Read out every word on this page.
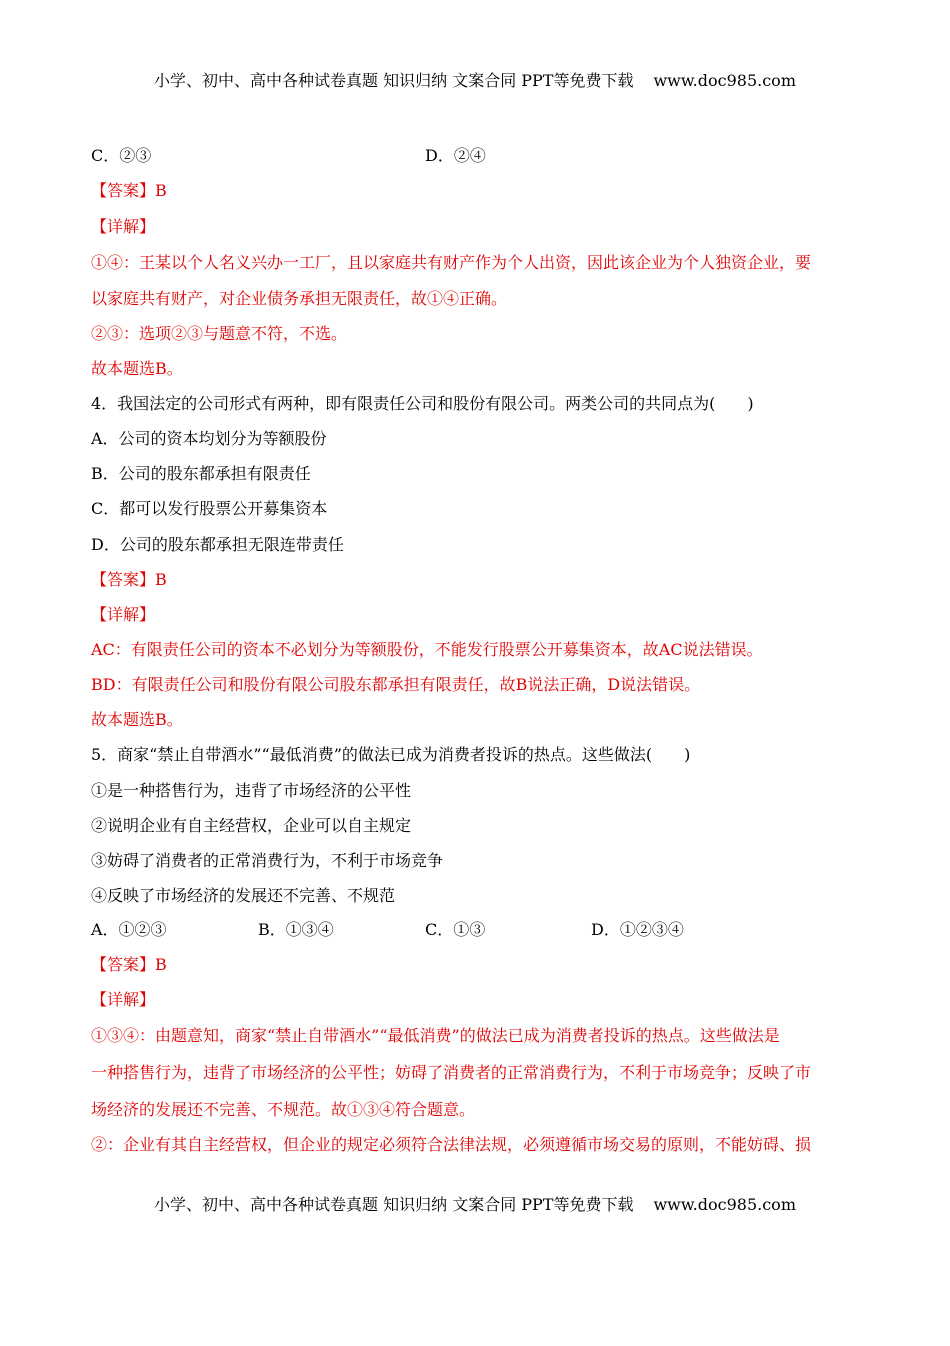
小学、初中、高中各种试卷真题 知识归纳 文案合同 PPT等免费下载 www.doc985.com
C．②③	D．②④
【答案】B
【详解】
①④：王某以个人名义兴办一工厂，且以家庭共有财产作为个人出资，因此该企业为个人独资企业，要
以家庭共有财产，对企业债务承担无限责任，故①④正确。
②③：选项②③与题意不符，不选。
故本题选B。
4．我国法定的公司形式有两种，即有限责任公司和股份有限公司。两类公司的共同点为(　　)
A．公司的资本均划分为等额股份
B．公司的股东都承担有限责任
C．都可以发行股票公开募集资本
D．公司的股东都承担无限连带责任
【答案】B
【详解】
AC：有限责任公司的资本不必划分为等额股份，不能发行股票公开募集资本，故AC说法错误。
BD：有限责任公司和股份有限公司股东都承担有限责任，故B说法正确，D说法错误。
故本题选B。
5．商家“禁止自带酒水”“最低消费”的做法已成为消费者投诉的热点。这些做法(　　)
①是一种搭售行为，违背了市场经济的公平性
②说明企业有自主经营权，企业可以自主规定
③妨碍了消费者的正常消费行为，不利于市场竞争
④反映了市场经济的发展还不完善、不规范
A．①②③	B．①③④	C．①③	D．①②③④
【答案】B
【详解】
①③④：由题意知，商家“禁止自带酒水”“最低消费”的做法已成为消费者投诉的热点。这些做法是
一种搭售行为，违背了市场经济的公平性；妨碍了消费者的正常消费行为，不利于市场竞争；反映了市
场经济的发展还不完善、不规范。故①③④符合题意。
②：企业有其自主经营权，但企业的规定必须符合法律法规，必须遵循市场交易的原则，不能妨碍、损
小学、初中、高中各种试卷真题 知识归纳 文案合同 PPT等免费下载 www.doc985.com
